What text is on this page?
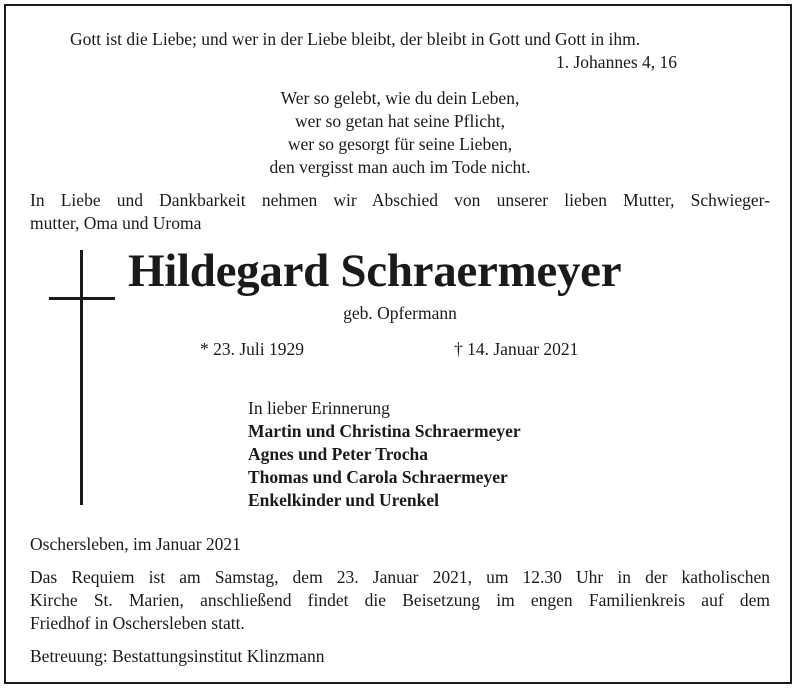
Gott ist die Liebe; und wer in der Liebe bleibt, der bleibt in Gott und Gott in ihm.
1. Johannes 4, 16
Wer so gelebt, wie du dein Leben,
wer so getan hat seine Pflicht,
wer so gesorgt für seine Lieben,
den vergisst man auch im Tode nicht.
In Liebe und Dankbarkeit nehmen wir Abschied von unserer lieben Mutter, Schwieger-
mutter, Oma und Uroma
Hildegard Schraermeyer
geb. Opfermann
* 23. Juli 1929	† 14. Januar 2021
In lieber Erinnerung
Martin und Christina Schraermeyer
Agnes und Peter Trocha
Thomas und Carola Schraermeyer
Enkelkinder und Urenkel
Oschersleben, im Januar 2021
Das Requiem ist am Samstag, dem 23. Januar 2021, um 12.30 Uhr in der katholischen
Kirche St. Marien, anschließend findet die Beisetzung im engen Familienkreis auf dem
Friedhof in Oschersleben statt.
Betreuung: Bestattungsinstitut Klinzmann
